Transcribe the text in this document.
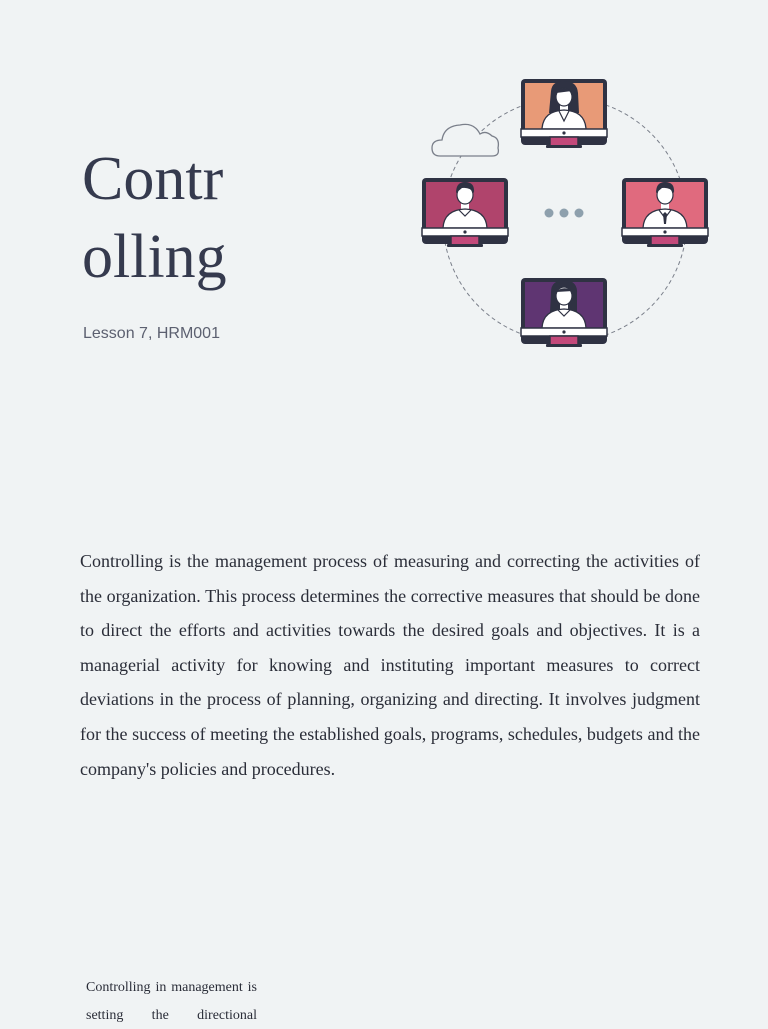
Contr
olling

Lesson 7, HRM001

Controlling is the management process of measuring and correcting the activities of the organization. This process determines the corrective measures that should be done to direct the efforts and activities towards the desired goals and objectives. It is a managerial activity for knowing and instituting important measures to correct deviations in the process of planning, organizing and directing. It involves judgment for the success of meeting the established goals, programs, schedules, budgets and the company's policies and procedures.

Controlling in management is setting the directional
